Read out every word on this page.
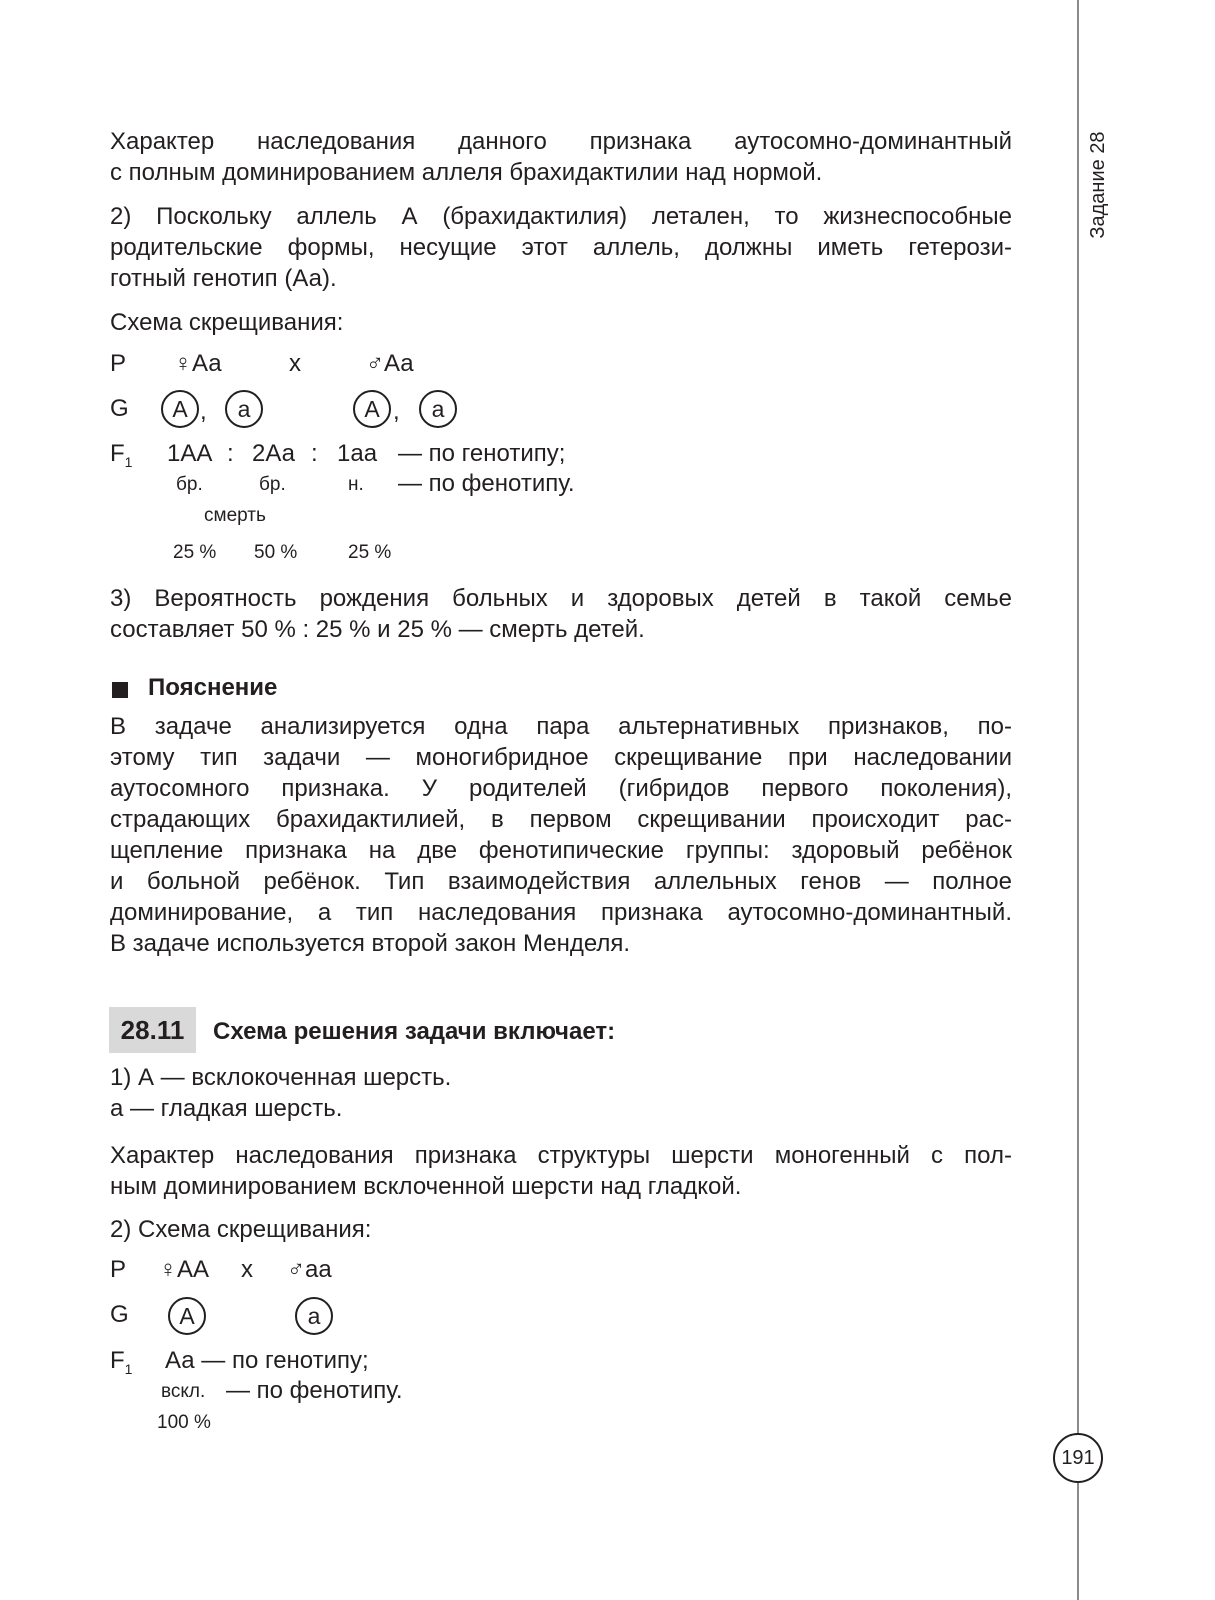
Задание 28
191
Характер наследования данного признака аутосомно-доминантный
с полным доминированием аллеля брахидактилии над нормой.
2) Поскольку аллель А (брахидактилия) летален, то жизнеспособные
родительские формы, несущие этот аллель, должны иметь гетерози-
готный генотип (Аа).
Схема скрещивания:
P ♀Аа	х	♂Аа
G	А ,	а	А ,	а
$F_1$ 1АА : 2Аа : 1аа — по генотипу;
бр.	бр.	н. — по фенотипу.
смерть
25 % 50 %	25 %
3) Вероятность рождения больных и здоровых детей в такой семье
составляет 50 % : 25 % и 25 % — смерть детей.
Пояснение
В задаче анализируется одна пара альтернативных признаков, по-
этому тип задачи — моногибридное скрещивание при наследовании
аутосомного признака. У родителей (гибридов первого поколения),
страдающих брахидактилией, в первом скрещивании происходит рас-
щепление признака на две фенотипические группы: здоровый ребёнок
и больной ребёнок. Тип взаимодействия аллельных генов — полное
доминирование, а тип наследования признака аутосомно-доминантный.
В задаче используется второй закон Менделя.
28.11	Схема решения задачи включает:
1) А — всклокоченная шерсть.
а — гладкая шерсть.
Характер наследования признака структуры шерсти моногенный с пол-
ным доминированием всклоченной шерсти над гладкой.
2) Схема скрещивания:
P ♀АА х ♂аа
G	А	а
$F_1$ Аа — по генотипу;
вскл. — по фенотипу.
100 %
